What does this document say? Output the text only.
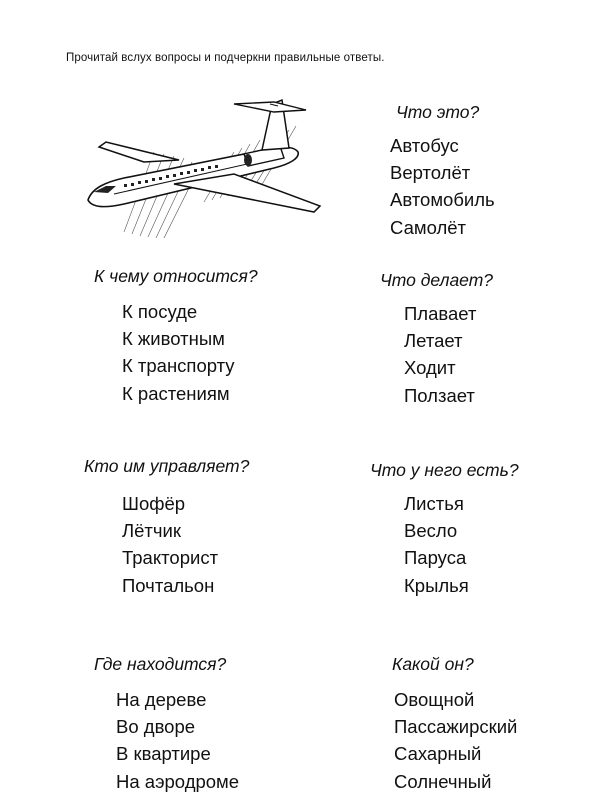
Прочитай вслух вопросы и подчеркни правильные ответы.
Что это?
Автобус
Вертолёт
Автомобиль
Самолёт
К чему относится?
К посуде
К животным
К транспорту
К растениям
Что делает?
Плавает
Летает
Ходит
Ползает
Кто им управляет?
Шофёр
Лётчик
Тракторист
Почтальон
Что у него есть?
Листья
Весло
Паруса
Крылья
Где находится?
На дереве
Во дворе
В квартире
На аэродроме
Какой он?
Овощной
Пассажирский
Сахарный
Солнечный
